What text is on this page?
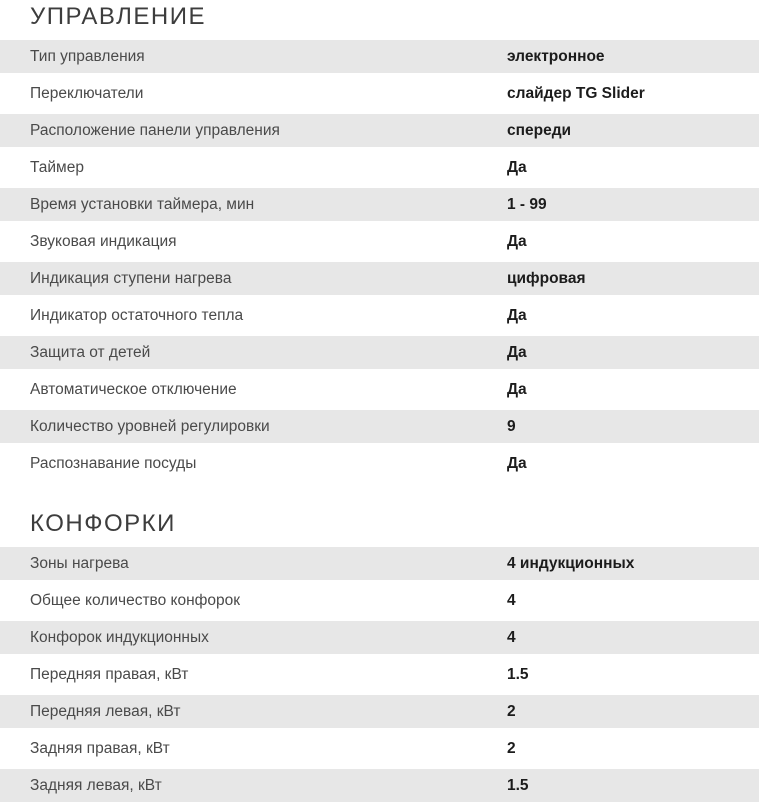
УПРАВЛЕНИЕ
Тип управления	электронное
Переключатели	слайдер TG Slider
Расположение панели управления	спереди
Таймер	Да
Время установки таймера, мин	1 - 99
Звуковая индикация	Да
Индикация ступени нагрева	цифровая
Индикатор остаточного тепла	Да
Защита от детей	Да
Автоматическое отключение	Да
Количество уровней регулировки	9
Распознавание посуды	Да
КОНФОРКИ
Зоны нагрева	4 индукционных
Общее количество конфорок	4
Конфорок индукционных	4
Передняя правая, кВт	1.5
Передняя левая, кВт	2
Задняя правая, кВт	2
Задняя левая, кВт	1.5
